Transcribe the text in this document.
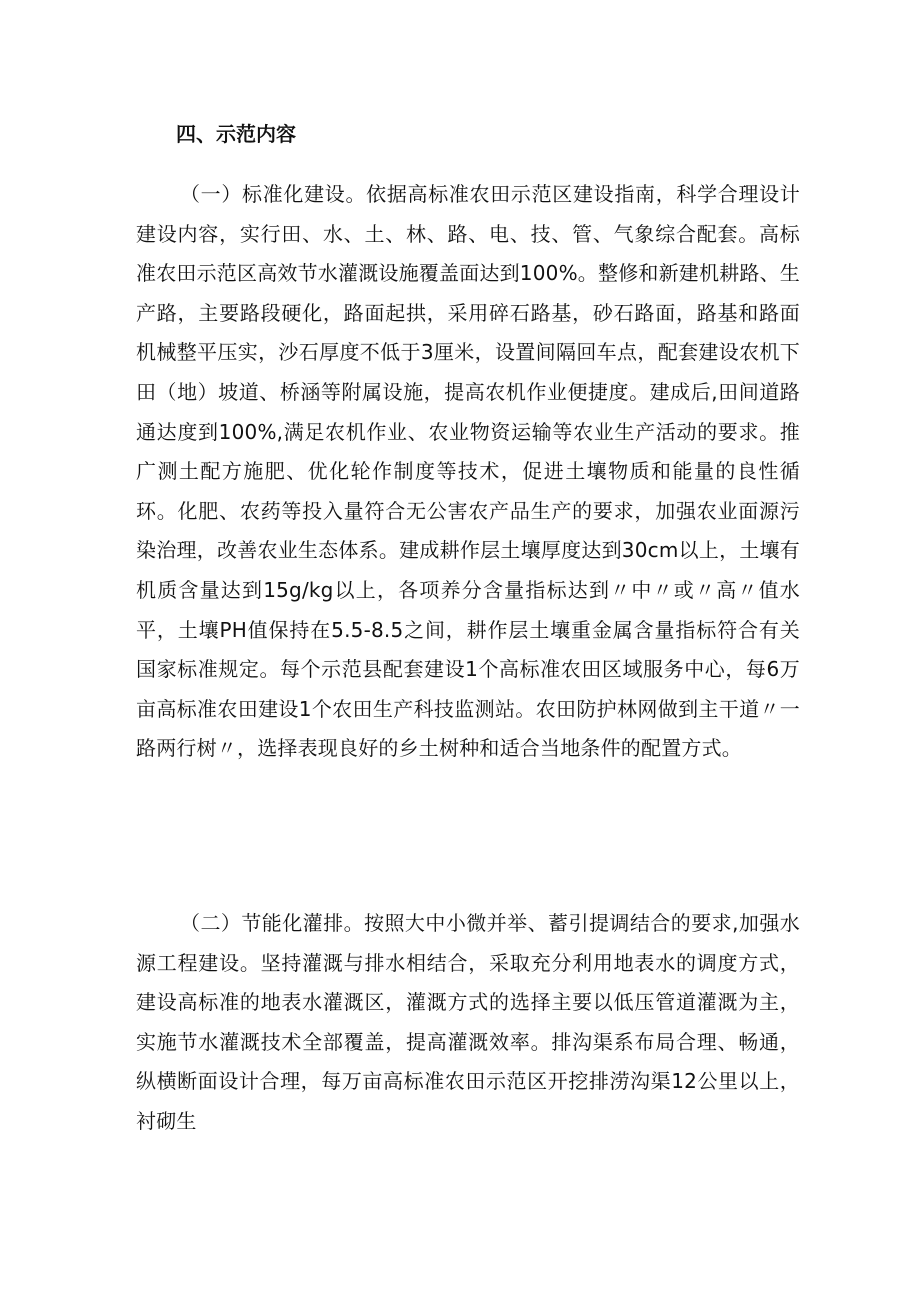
四、示范内容

（一）标准化建设。依据高标准农田示范区建设指南，科学合理设计建设内容，实行田、水、土、林、路、电、技、管、气象综合配套。高标准农田示范区高效节水灌溉设施覆盖面达到100%。整修和新建机耕路、生产路，主要路段硬化，路面起拱，采用碎石路基，砂石路面，路基和路面机械整平压实，沙石厚度不低于3厘米，设置间隔回车点，配套建设农机下田（地）坡道、桥涵等附属设施，提高农机作业便捷度。建成后,田间道路通达度到100%,满足农机作业、农业物资运输等农业生产活动的要求。推广测土配方施肥、优化轮作制度等技术，促进土壤物质和能量的良性循环。化肥、农药等投入量符合无公害农产品生产的要求，加强农业面源污染治理，改善农业生态体系。建成耕作层土壤厚度达到30cm以上，土壤有机质含量达到15g/kg以上，各项养分含量指标达到〃中〃或〃高〃值水平，土壤PH值保持在5.5-8.5之间，耕作层土壤重金属含量指标符合有关国家标准规定。每个示范县配套建设1个高标准农田区域服务中心，每6万亩高标准农田建设1个农田生产科技监测站。农田防护林网做到主干道〃一路两行树〃，选择表现良好的乡土树种和适合当地条件的配置方式。

（二）节能化灌排。按照大中小微并举、蓄引提调结合的要求,加强水源工程建设。坚持灌溉与排水相结合，采取充分利用地表水的调度方式，建设高标准的地表水灌溉区，灌溉方式的选择主要以低压管道灌溉为主，实施节水灌溉技术全部覆盖，提高灌溉效率。排沟渠系布局合理、畅通，纵横断面设计合理，每万亩高标准农田示范区开挖排涝沟渠12公里以上，衬砌生
